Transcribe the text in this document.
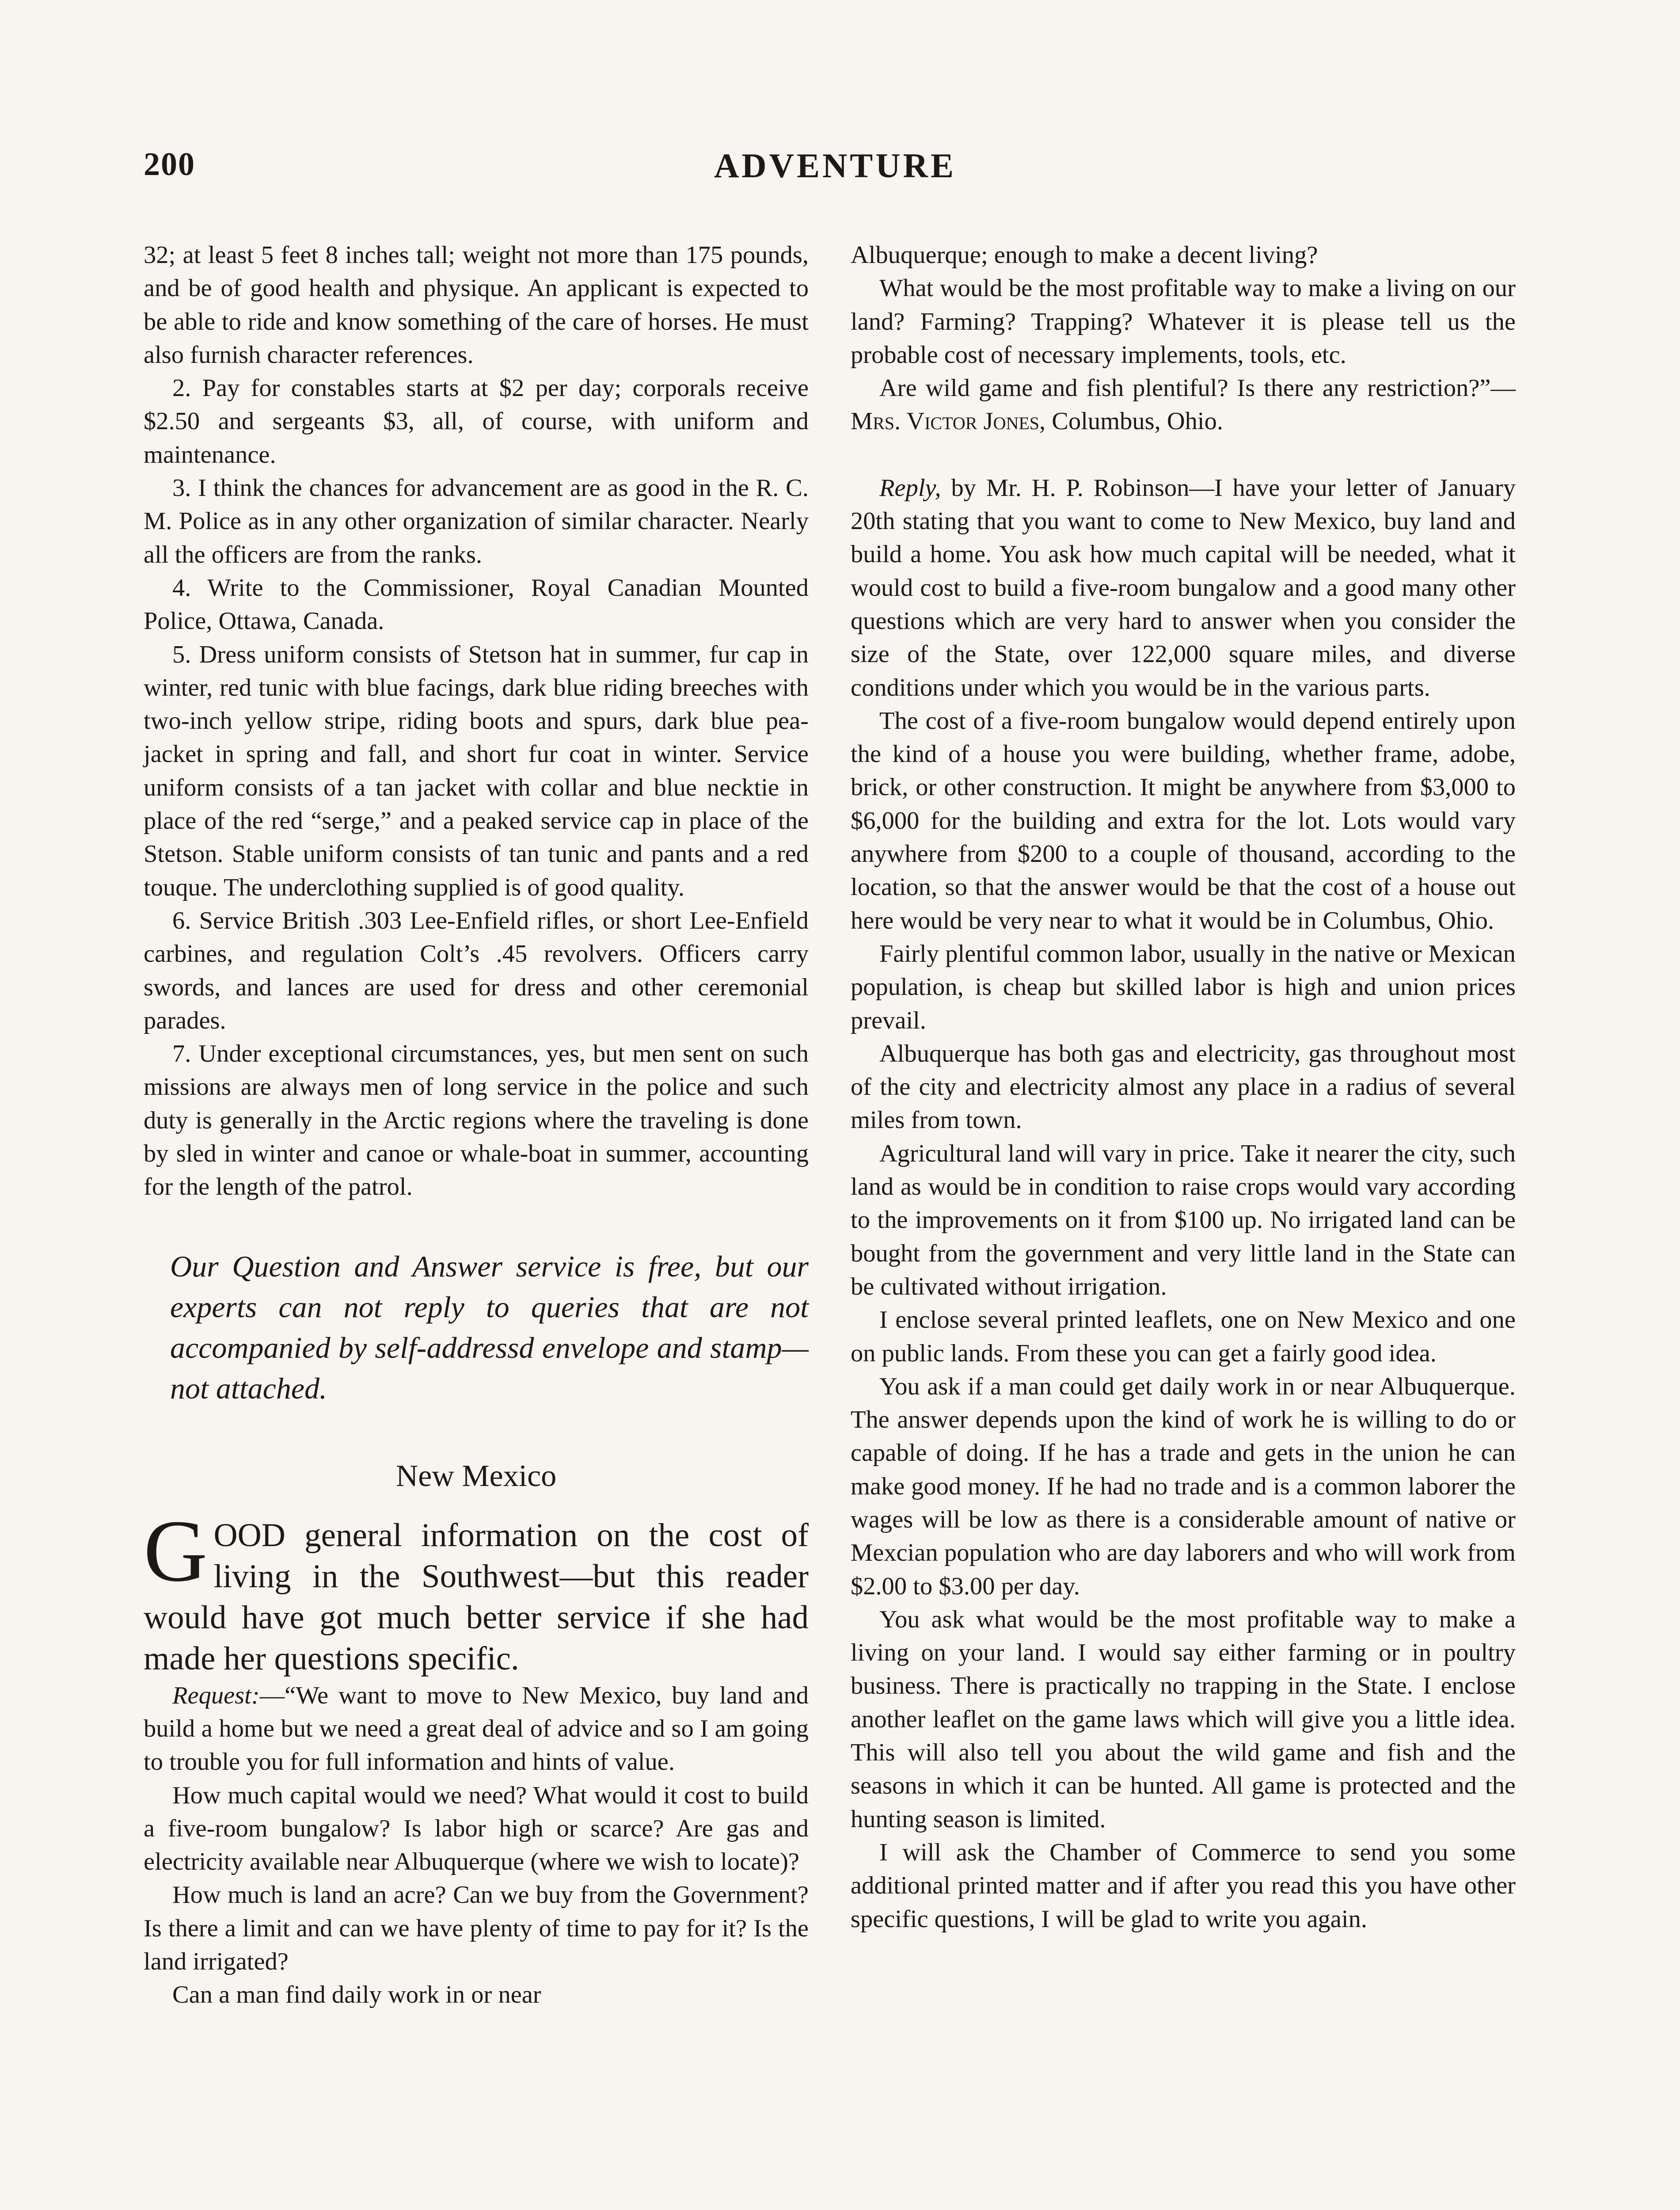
200	ADVENTURE

32; at least 5 feet 8 inches tall; weight not more than 175 pounds, and be of good health and physique. An applicant is expected to be able to ride and know something of the care of horses. He must also furnish character references.

2. Pay for constables starts at $2 per day; corporals receive $2.50 and sergeants $3, all, of course, with uniform and maintenance.

3. I think the chances for advancement are as good in the R. C. M. Police as in any other organization of similar character. Nearly all the officers are from the ranks.

4. Write to the Commissioner, Royal Canadian Mounted Police, Ottawa, Canada.

5. Dress uniform consists of Stetson hat in summer, fur cap in winter, red tunic with blue facings, dark blue riding breeches with two-inch yellow stripe, riding boots and spurs, dark blue pea-jacket in spring and fall, and short fur coat in winter. Service uniform consists of a tan jacket with collar and blue necktie in place of the red “serge,” and a peaked service cap in place of the Stetson. Stable uniform consists of tan tunic and pants and a red touque. The underclothing supplied is of good quality.

6. Service British .303 Lee-Enfield rifles, or short Lee-Enfield carbines, and regulation Colt’s .45 revolvers. Officers carry swords, and lances are used for dress and other ceremonial parades.

7. Under exceptional circumstances, yes, but men sent on such missions are always men of long service in the police and such duty is generally in the Arctic regions where the traveling is done by sled in winter and canoe or whale-boat in summer, accounting for the length of the patrol.

Our Question and Answer service is free, but our experts can not reply to queries that are not accompanied by self-addressd envelope and stamp—not attached.
New Mexico
GOOD general information on the cost of living in the Southwest—but this reader would have got much better service if she had made her questions specific.

Request:—“We want to move to New Mexico, buy land and build a home but we need a great deal of advice and so I am going to trouble you for full information and hints of value.

How much capital would we need? What would it cost to build a five-room bungalow? Is labor high or scarce? Are gas and electricity available near Albuquerque (where we wish to locate)?

How much is land an acre? Can we buy from the Government? Is there a limit and can we have plenty of time to pay for it? Is the land irrigated?

Can a man find daily work in or near

Albuquerque; enough to make a decent living?

What would be the most profitable way to make a living on our land? Farming? Trapping? Whatever it is please tell us the probable cost of necessary implements, tools, etc.

Are wild game and fish plentiful? Is there any restriction?”—Mrs. Victor Jones, Columbus, Ohio.

Reply, by Mr. H. P. Robinson—I have your letter of January 20th stating that you want to come to New Mexico, buy land and build a home. You ask how much capital will be needed, what it would cost to build a five-room bungalow and a good many other questions which are very hard to answer when you consider the size of the State, over 122,000 square miles, and diverse conditions under which you would be in the various parts.

The cost of a five-room bungalow would depend entirely upon the kind of a house you were building, whether frame, adobe, brick, or other construction. It might be anywhere from $3,000 to $6,000 for the building and extra for the lot. Lots would vary anywhere from $200 to a couple of thousand, according to the location, so that the answer would be that the cost of a house out here would be very near to what it would be in Columbus, Ohio.

Fairly plentiful common labor, usually in the native or Mexican population, is cheap but skilled labor is high and union prices prevail.

Albuquerque has both gas and electricity, gas throughout most of the city and electricity almost any place in a radius of several miles from town.

Agricultural land will vary in price. Take it nearer the city, such land as would be in condition to raise crops would vary according to the improvements on it from $100 up. No irrigated land can be bought from the government and very little land in the State can be cultivated without irrigation.

I enclose several printed leaflets, one on New Mexico and one on public lands. From these you can get a fairly good idea.

You ask if a man could get daily work in or near Albuquerque. The answer depends upon the kind of work he is willing to do or capable of doing. If he has a trade and gets in the union he can make good money. If he had no trade and is a common laborer the wages will be low as there is a considerable amount of native or Mexcian population who are day laborers and who will work from $2.00 to $3.00 per day.

You ask what would be the most profitable way to make a living on your land. I would say either farming or in poultry business. There is practically no trapping in the State. I enclose another leaflet on the game laws which will give you a little idea. This will also tell you about the wild game and fish and the seasons in which it can be hunted. All game is protected and the hunting season is limited.

I will ask the Chamber of Commerce to send you some additional printed matter and if after you read this you have other specific questions, I will be glad to write you again.
